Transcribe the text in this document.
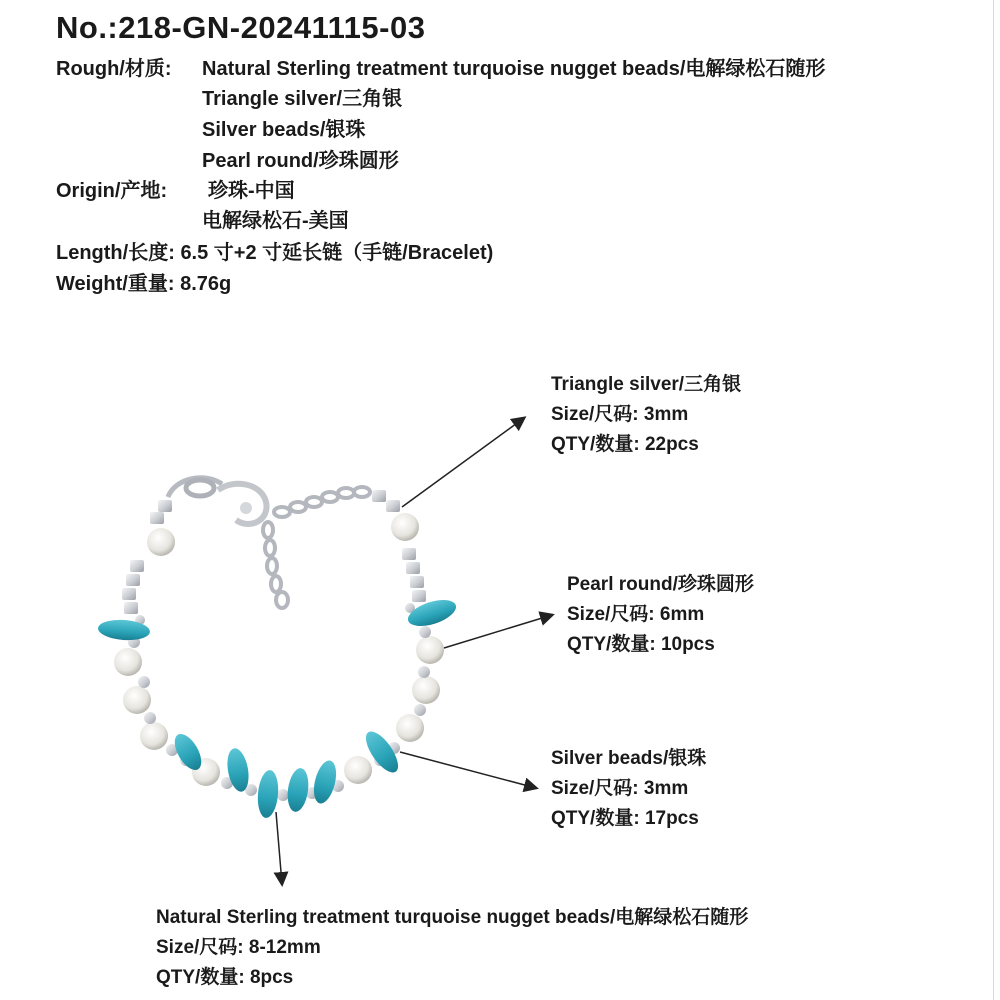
No.:218-GN-20241115-03
Rough/材质: Natural Sterling treatment turquoise nugget beads/电解绿松石随形
Triangle silver/三角银
Silver beads/银珠
Pearl round/珍珠圆形
Origin/产地: 珍珠-中国
电解绿松石-美国
Length/长度: 6.5 寸+2 寸延长链（手链/Bracelet)
Weight/重量: 8.76g
Triangle silver/三角银
Size/尺码: 3mm
QTY/数量: 22pcs
Pearl round/珍珠圆形
Size/尺码: 6mm
QTY/数量: 10pcs
Silver beads/银珠
Size/尺码: 3mm
QTY/数量: 17pcs
Natural Sterling treatment turquoise nugget beads/电解绿松石随形
Size/尺码: 8-12mm
QTY/数量: 8pcs
